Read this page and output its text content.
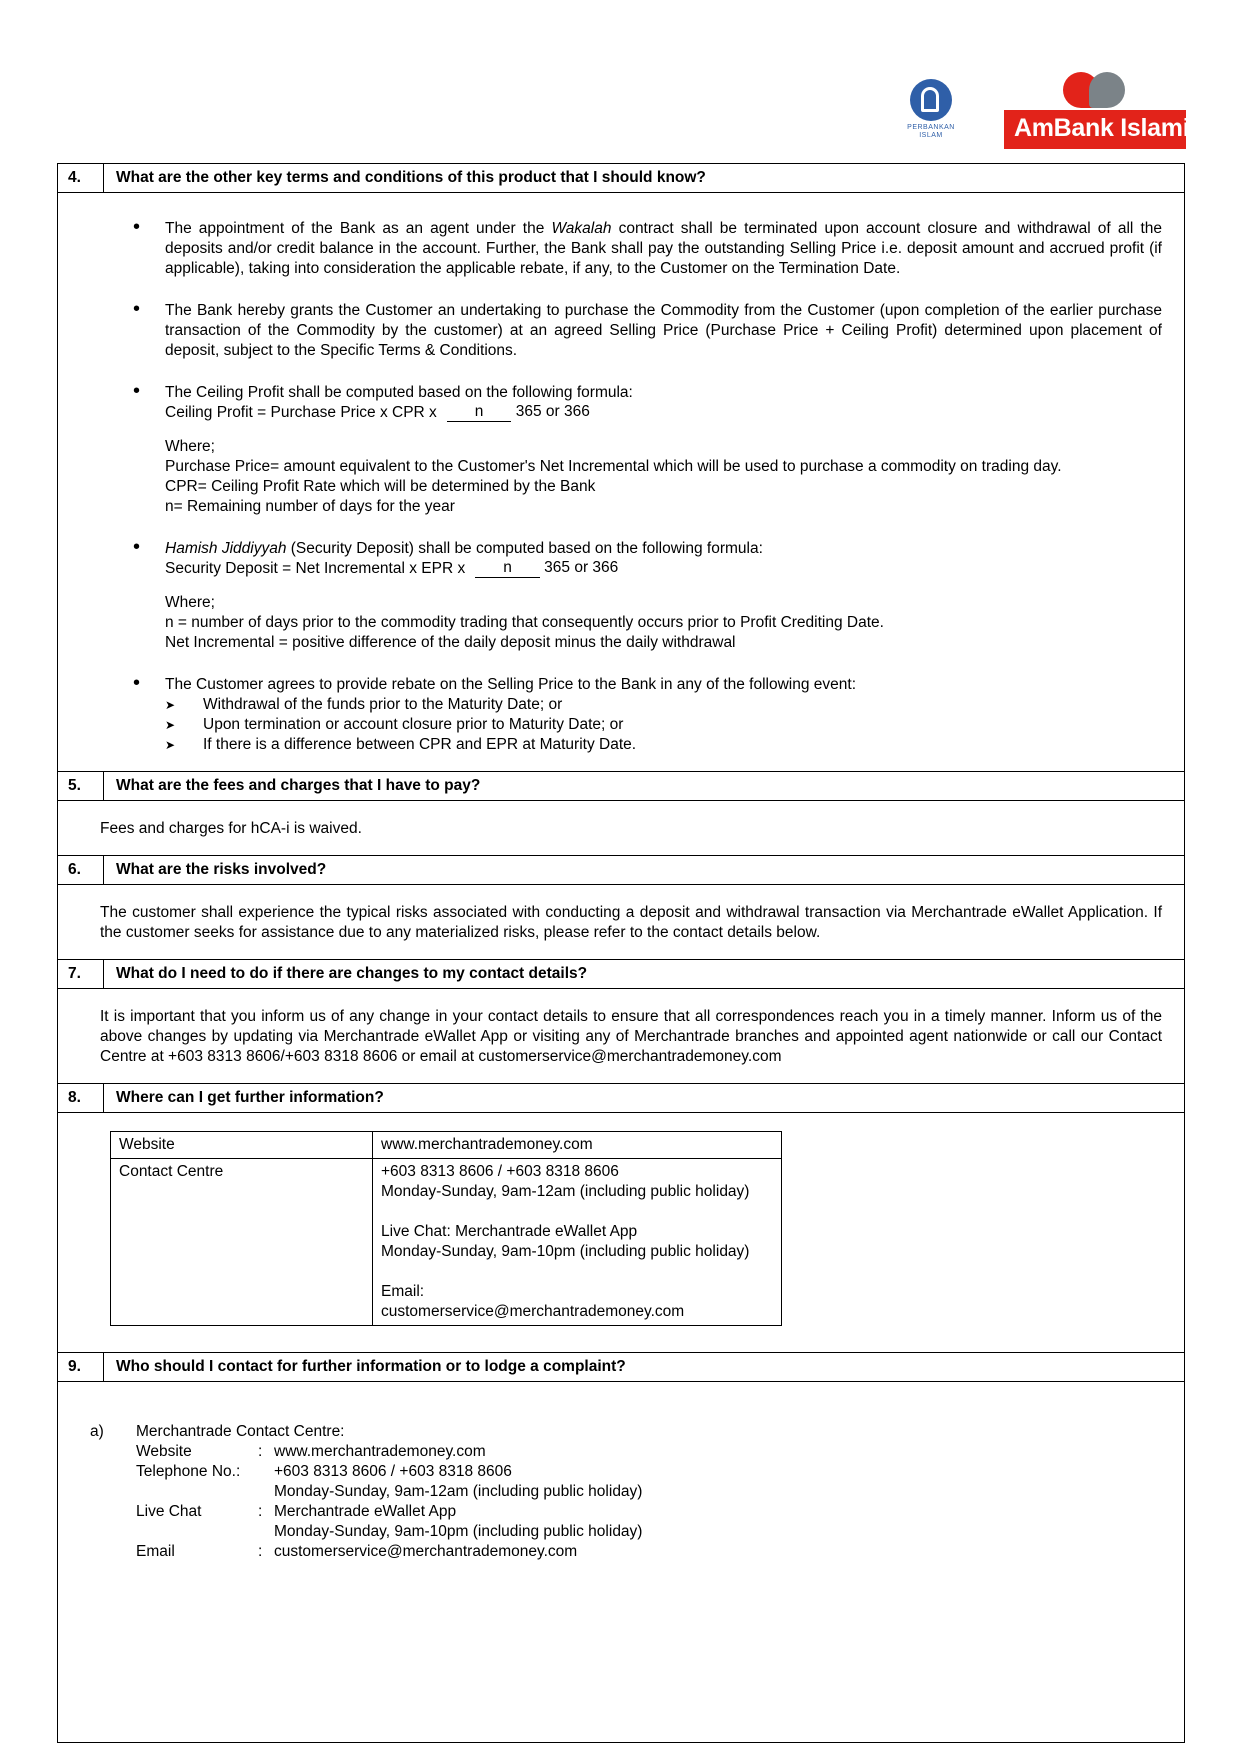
PERBANKAN
ISLAM	AmBank Islamic
4.	What are the other key terms and conditions of this product that I should know?
• The appointment of the Bank as an agent under the Wakalah contract shall be terminated upon account closure and withdrawal of all the deposits and/or credit balance in the account. Further, the Bank shall pay the outstanding Selling Price i.e. deposit amount and accrued profit (if applicable), taking into consideration the applicable rebate, if any, to the Customer on the Termination Date.
• The Bank hereby grants the Customer an undertaking to purchase the Commodity from the Customer (upon completion of the earlier purchase transaction of the Commodity by the customer) at an agreed Selling Price (Purchase Price + Ceiling Profit) determined upon placement of deposit, subject to the Specific Terms & Conditions.
• The Ceiling Profit shall be computed based on the following formula:
Ceiling Profit = Purchase Price x CPR x	n 365 or 366
Where;
Purchase Price= amount equivalent to the Customer's Net Incremental which will be used to purchase a commodity on trading day.
CPR= Ceiling Profit Rate which will be determined by the Bank
n= Remaining number of days for the year
• Hamish Jiddiyyah (Security Deposit) shall be computed based on the following formula:
Security Deposit = Net Incremental x EPR x	n 365 or 366
Where;
n = number of days prior to the commodity trading that consequently occurs prior to Profit Crediting Date.
Net Incremental = positive difference of the daily deposit minus the daily withdrawal
• The Customer agrees to provide rebate on the Selling Price to the Bank in any of the following event:
➤ Withdrawal of the funds prior to the Maturity Date; or
➤ Upon termination or account closure prior to Maturity Date; or
➤ If there is a difference between CPR and EPR at Maturity Date.
5.	What are the fees and charges that I have to pay?

Fees and charges for hCA-i is waived.

6.	What are the risks involved?

The customer shall experience the typical risks associated with conducting a deposit and withdrawal transaction via Merchantrade eWallet Application. If the customer seeks for assistance due to any materialized risks, please refer to the contact details below.

7.	What do I need to do if there are changes to my contact details?

It is important that you inform us of any change in your contact details to ensure that all correspondences reach you in a timely manner. Inform us of the above changes by updating via Merchantrade eWallet App or visiting any of Merchantrade branches and appointed agent nationwide or call our Contact Centre at +603 8313 8606/+603 8318 8606 or email at customerservice@merchantrademoney.com

8.	Where can I get further information?
Website	www.merchantrademoney.com
Contact Centre	+603 8313 8606 / +603 8318 8606
Monday-Sunday, 9am-12am (including public holiday)
Live Chat: Merchantrade eWallet App
Monday-Sunday, 9am-10pm (including public holiday)
Email:
customerservice@merchantrademoney.com
9.	Who should I contact for further information or to lodge a complaint?
a)	Merchantrade Contact Centre:
Website	: www.merchantrademoney.com
Telephone No.:	+603 8313 8606 / +603 8318 8606
Monday-Sunday, 9am-12am (including public holiday)
Live Chat	: Merchantrade eWallet App
Monday-Sunday, 9am-10pm (including public holiday)
Email	: customerservice@merchantrademoney.com
